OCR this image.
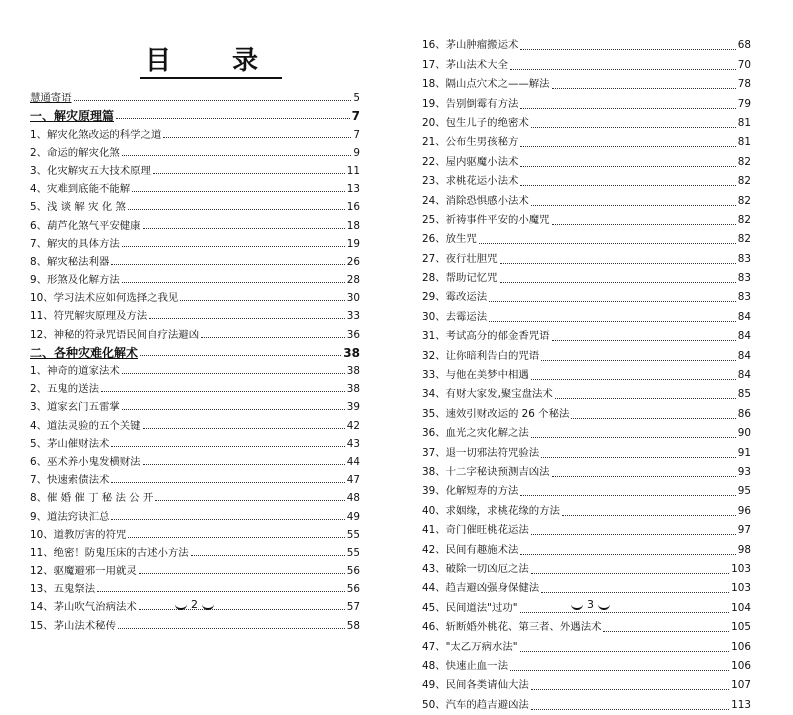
目 录
慧通寄语	5
一、解灾原理篇	7
1、解灾化煞改运的科学之道	7
2、命运的解灾化煞	9
3、化灾解灾五大技术原理	11
4、灾难到底能不能解	13
5、浅 谈 解 灾 化 煞	16
6、葫芦化煞气平安健康	18
7、解灾的具体方法	19
8、解灾秘法利器	26
9、形煞及化解方法	28
10、学习法术应如何选择之我见	30
11、符咒解灾原理及方法	33
12、神秘的符录咒语民间自疗法避凶	36
二、各种灾难化解术	38
1、神奇的道家法术	38
2、五鬼的送法	38
3、道家玄门五雷掌	39
4、道法灵验的五个关键	42
5、茅山催财法术	43
6、巫术养小鬼发横财法	44
7、快速索债法术	47
8、催 婚 催 丁 秘 法 公 开	48
9、道法窍诀汇总	49
10、道教厉害的符咒	55
11、绝密！防鬼压床的古述小方法	55
12、驱魔避邪一用就灵	56
13、五鬼祭法	56
14、茅山吹气治病法术	57
15、茅山法术秘传	58
2
16、茅山肿瘤搬运术	68
17、茅山法术大全	70
18、隔山点穴术之——解法	78
19、告别倒霉有方法	79
20、包生儿子的绝密术	81
21、公布生男孩秘方	81
22、屋内驱魔小法术	82
23、求桃花运小法术	82
24、消除恐惧感小法术	82
25、祈祷事件平安的小魔咒	82
26、放生咒	82
27、夜行壮胆咒	83
28、帮助记忆咒	83
29、霉改运法	83
30、去霉运法	84
31、考试高分的郁金香咒语	84
32、让你暗利告白的咒语	84
33、与他在美梦中相遇	84
34、有财大家发,聚宝盘法术	85
35、速效引财改运的 26 个秘法	86
36、血光之灾化解之法	90
37、退一切邪法符咒验法	91
38、十二字秘诀预测吉凶法	93
39、化解短寿的方法	95
40、求姻缘，求桃花缘的方法	96
41、奇门催旺桃花运法	97
42、民间有趣施术法	98
43、破除一切凶厄之法	103
44、趋吉避凶强身保健法	103
45、民间道法"过功"	104
46、斩断婚外桃花、第三者、外遇法术	105
47、"太乙万病水法"	106
48、快速止血一法	106
49、民间各类请仙大法	107
50、汽车的趋吉避凶法	113
3
